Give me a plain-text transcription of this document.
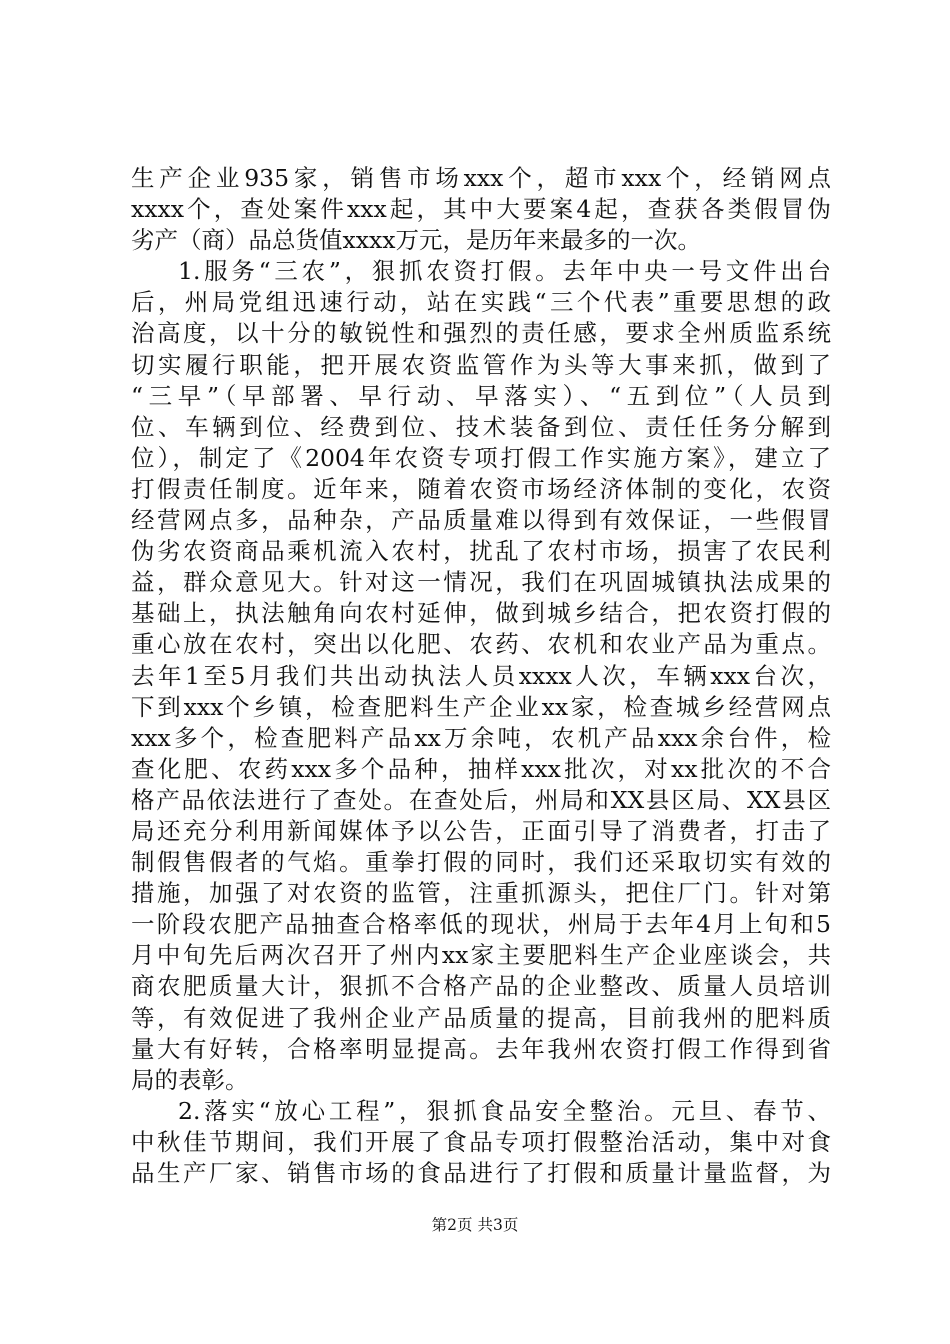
生产企业935家，销售市场xxx个，超市xxx个，经销网点
xxxx个，查处案件xxx起，其中大要案4起，查获各类假冒伪
劣产（商）品总货值xxxx万元，是历年来最多的一次。
1.服务“三农”，狠抓农资打假。去年中央一号文件出台
后，州局党组迅速行动，站在实践“三个代表”重要思想的政
治高度，以十分的敏锐性和强烈的责任感，要求全州质监系统
切实履行职能，把开展农资监管作为头等大事来抓，做到了
“三早”（早部署、早行动、早落实）、“五到位”（人员到
位、车辆到位、经费到位、技术装备到位、责任任务分解到
位），制定了《2004年农资专项打假工作实施方案》，建立了
打假责任制度。近年来，随着农资市场经济体制的变化，农资
经营网点多，品种杂，产品质量难以得到有效保证，一些假冒
伪劣农资商品乘机流入农村，扰乱了农村市场，损害了农民利
益，群众意见大。针对这一情况，我们在巩固城镇执法成果的
基础上，执法触角向农村延伸，做到城乡结合，把农资打假的
重心放在农村，突出以化肥、农药、农机和农业产品为重点。
去年1至5月我们共出动执法人员xxxx人次，车辆xxx台次，
下到xxx个乡镇，检查肥料生产企业xx家，检查城乡经营网点
xxx多个，检查肥料产品xx万余吨，农机产品xxx余台件，检
查化肥、农药xxx多个品种，抽样xxx批次，对xx批次的不合
格产品依法进行了查处。在查处后，州局和XX县区局、XX县区
局还充分利用新闻媒体予以公告，正面引导了消费者，打击了
制假售假者的气焰。重拳打假的同时，我们还采取切实有效的
措施，加强了对农资的监管，注重抓源头，把住厂门。针对第
一阶段农肥产品抽查合格率低的现状，州局于去年4月上旬和5
月中旬先后两次召开了州内xx家主要肥料生产企业座谈会，共
商农肥质量大计，狠抓不合格产品的企业整改、质量人员培训
等，有效促进了我州企业产品质量的提高，目前我州的肥料质
量大有好转，合格率明显提高。去年我州农资打假工作得到省
局的表彰。
2.落实“放心工程”，狠抓食品安全整治。元旦、春节、
中秋佳节期间，我们开展了食品专项打假整治活动，集中对食
品生产厂家、销售市场的食品进行了打假和质量计量监督，为
第2页 共3页
